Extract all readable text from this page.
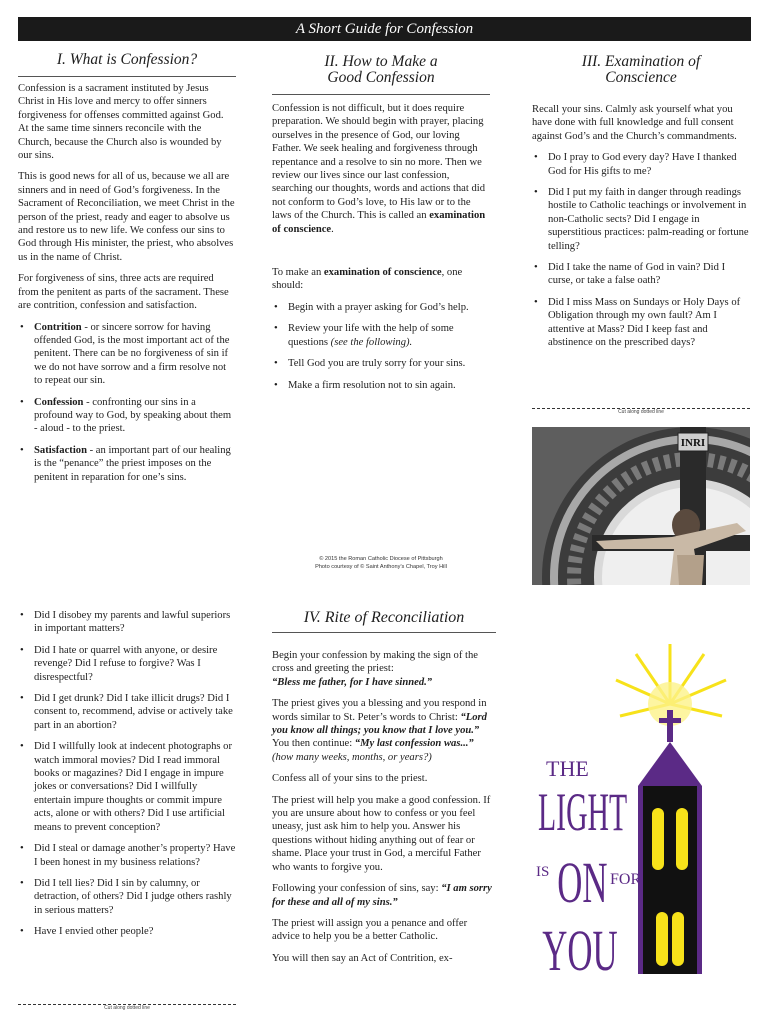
A Short Guide for Confession
I. What is Confession?

Confession is a sacrament instituted by Jesus Christ in His love and mercy to offer sinners forgiveness for offenses committed against God. At the same time sinners reconcile with the Church, because the Church also is wounded by our sins.

This is good news for all of us, because we all are sinners and in need of God’s forgiveness. In the Sacrament of Reconciliation, we meet Christ in the person of the priest, ready and eager to absolve us and restore us to new life. We confess our sins to God through His minister, the priest, who absolves us in the name of Christ.

For forgiveness of sins, three acts are required from the penitent as parts of the sacrament. These are contrition, confession and satisfaction.

• Contrition - or sincere sorrow for having offended God, is the most important act of the penitent. There can be no forgiveness of sin if we do not have sorrow and a firm resolve not to repeat our sin.
• Confession - confronting our sins in a profound way to God, by speaking about them - aloud - to the priest.
• Satisfaction - an important part of our healing is the “penance” the priest imposes on the penitent in reparation for one’s sins.
II. How to Make a
Good Confession

Confession is not difficult, but it does require preparation. We should begin with prayer, placing ourselves in the presence of God, our loving Father. We seek healing and forgiveness through repentance and a resolve to sin no more. Then we review our lives since our last confession, searching our thoughts, words and actions that did not conform to God’s love, to His law or to the laws of the Church. This is called an examination of conscience.

To make an examination of conscience, one should:

• Begin with a prayer asking for God’s help.
• Review your life with the help of some questions (see the following).
• Tell God you are truly sorry for your sins.
• Make a firm resolution not to sin again.
© 2015 the Roman Catholic Diocese of Pittsburgh
Photo courtesy of © Saint Anthony’s Chapel, Troy Hill
III. Examination of
Conscience

Recall your sins. Calmly ask yourself what you have done with full knowledge and full consent against God’s and the Church’s commandments.

• Do I pray to God every day? Have I thanked God for His gifts to me?
• Did I put my faith in danger through readings hostile to Catholic teachings or involvement in non-Catholic sects? Did I engage in superstitious practices: palm-reading or fortune telling?
• Did I take the name of God in vain? Did I curse, or take a false oath?
• Did I miss Mass on Sundays or Holy Days of Obligation through my own fault? Am I attentive at Mass? Did I keep fast and abstinence on the prescribed days?
Cut along dotted line
INRI
• Did I disobey my parents and lawful superiors in important matters?
• Did I hate or quarrel with anyone, or desire revenge? Did I refuse to forgive? Was I disrespectful?
• Did I get drunk? Did I take illicit drugs? Did I consent to, recommend, advise or actively take part in an abortion?
• Did I willfully look at indecent photographs or watch immoral movies? Did I read immoral books or magazines? Did I engage in impure jokes or conversations? Did I willfully entertain impure thoughts or commit impure acts, alone or with others? Did I use artificial means to prevent conception?
• Did I steal or damage another’s property? Have I been honest in my business relations?
• Did I tell lies? Did I sin by calumny, or detraction, of others? Did I judge others rashly in serious matters?
• Have I envied other people?
Cut along dotted line
IV. Rite of Reconciliation

Begin your confession by making the sign of the cross and greeting the priest:
“Bless me father, for I have sinned.”

The priest gives you a blessing and you respond in words similar to St. Peter’s words to Christ: “Lord you know all things; you know that I love you.”
You then continue: “My last confession was...” (how many weeks, months, or years?)

Confess all of your sins to the priest.

The priest will help you make a good confession. If you are unsure about how to confess or you feel uneasy, just ask him to help you. Answer his questions without hiding anything out of fear or shame. Place your trust in God, a merciful Father who wants to forgive you.

Following your confession of sins, say: “I am sorry for these and all of my sins.”

The priest will assign you a penance and offer advice to help you be a better Catholic.

You will then say an Act of Contrition, ex-

THE
LIGHT
IS ON FOR
YOU
